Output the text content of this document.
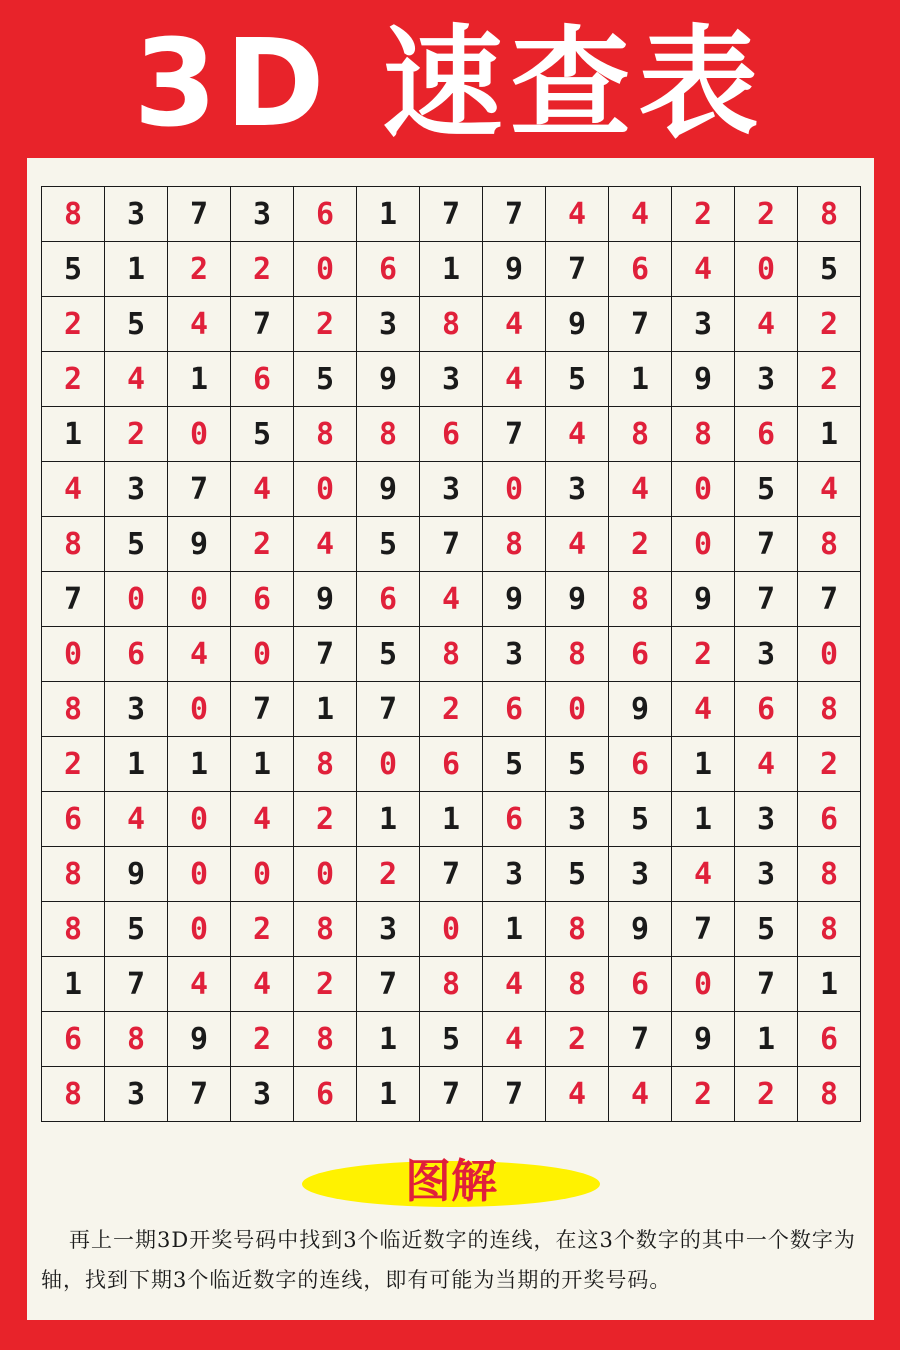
3D 速查表
8	3	7	3	6	1	7	7	4	4	2	2	8
5	1	2	2	0	6	1	9	7	6	4	0	5
2	5	4	7	2	3	8	4	9	7	3	4	2
2	4	1	6	5	9	3	4	5	1	9	3	2
1	2	0	5	8	8	6	7	4	8	8	6	1
4	3	7	4	0	9	3	0	3	4	0	5	4
8	5	9	2	4	5	7	8	4	2	0	7	8
7	0	0	6	9	6	4	9	9	8	9	7	7
0	6	4	0	7	5	8	3	8	6	2	3	0
8	3	0	7	1	7	2	6	0	9	4	6	8
2	1	1	1	8	0	6	5	5	6	1	4	2
6	4	0	4	2	1	1	6	3	5	1	3	6
8	9	0	0	0	2	7	3	5	3	4	3	8
8	5	0	2	8	3	0	1	8	9	7	5	8
1	7	4	4	2	7	8	4	8	6	0	7	1
6	8	9	2	8	1	5	4	2	7	9	1	6
8	3	7	3	6	1	7	7	4	4	2	2	8
图解
再上一期3D开奖号码中找到3个临近数字的连线，在这3个数字的其中一个数字为轴，找到下期3个临近数字的连线，即有可能为当期的开奖号码。
